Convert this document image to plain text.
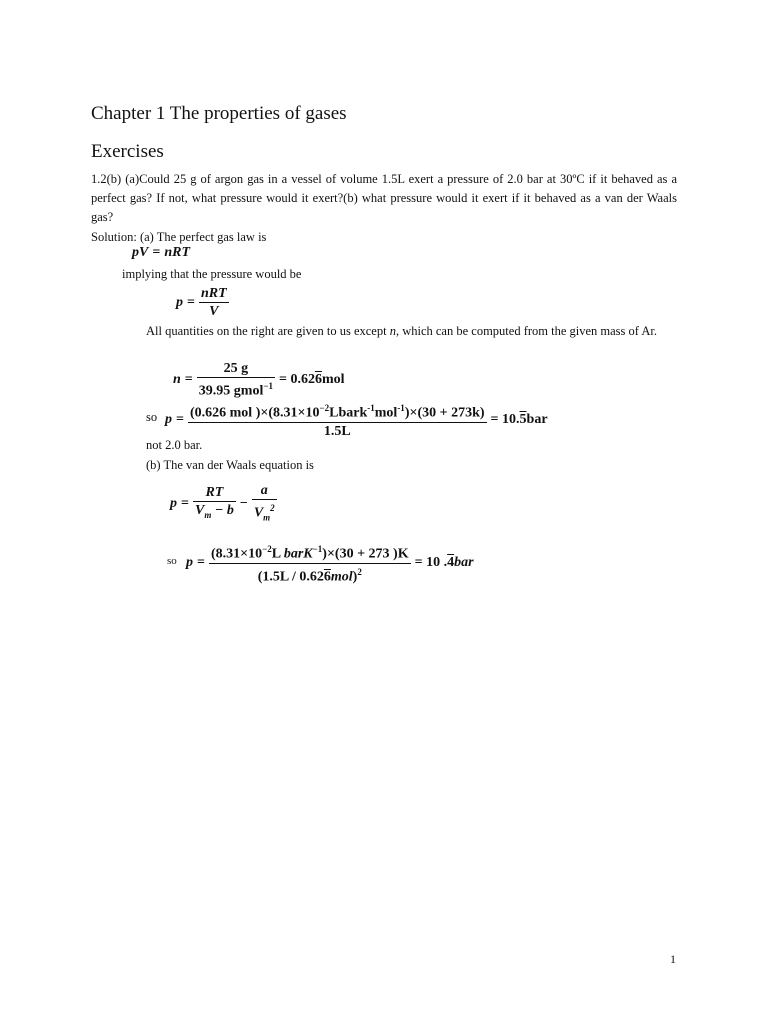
Chapter 1 The properties of gases
Exercises
1.2(b) (a)Could 25 g of argon gas in a vessel of volume 1.5L exert a pressure of 2.0 bar at 30ºC if it behaved as a perfect gas? If not, what pressure would it exert?(b) what pressure would it exert if it behaved as a van der Waals gas?
Solution: (a) The perfect gas law is
pV = nRT
implying that the pressure would be
$p = \frac{\text{nRT}}{V}$
All quantities on the right are given to us except n, which can be computed from the given mass of Ar.
$n = \frac{25 g}{39.95 gmol^{-1}} = 0.62$ 6 mol
so $p = \frac{(0.626 mol )\times(8.31\times 10^{-2}Lbark^{-1}mol^{-1})\times(30 + 273k)}{1.5L} = 10$. 5 bar
not 2.0 bar.
(b) The van der Waals equation is
$p = \frac{RT}{V_m - b} - \frac{a}{V_m^2}$
so $p = \frac{(8.31\times 10^{-2}L barK^{-1})\times(30 + 273 )K}{(1.5L / 0.626mol)^2} = 10$ . 4 bar
1
